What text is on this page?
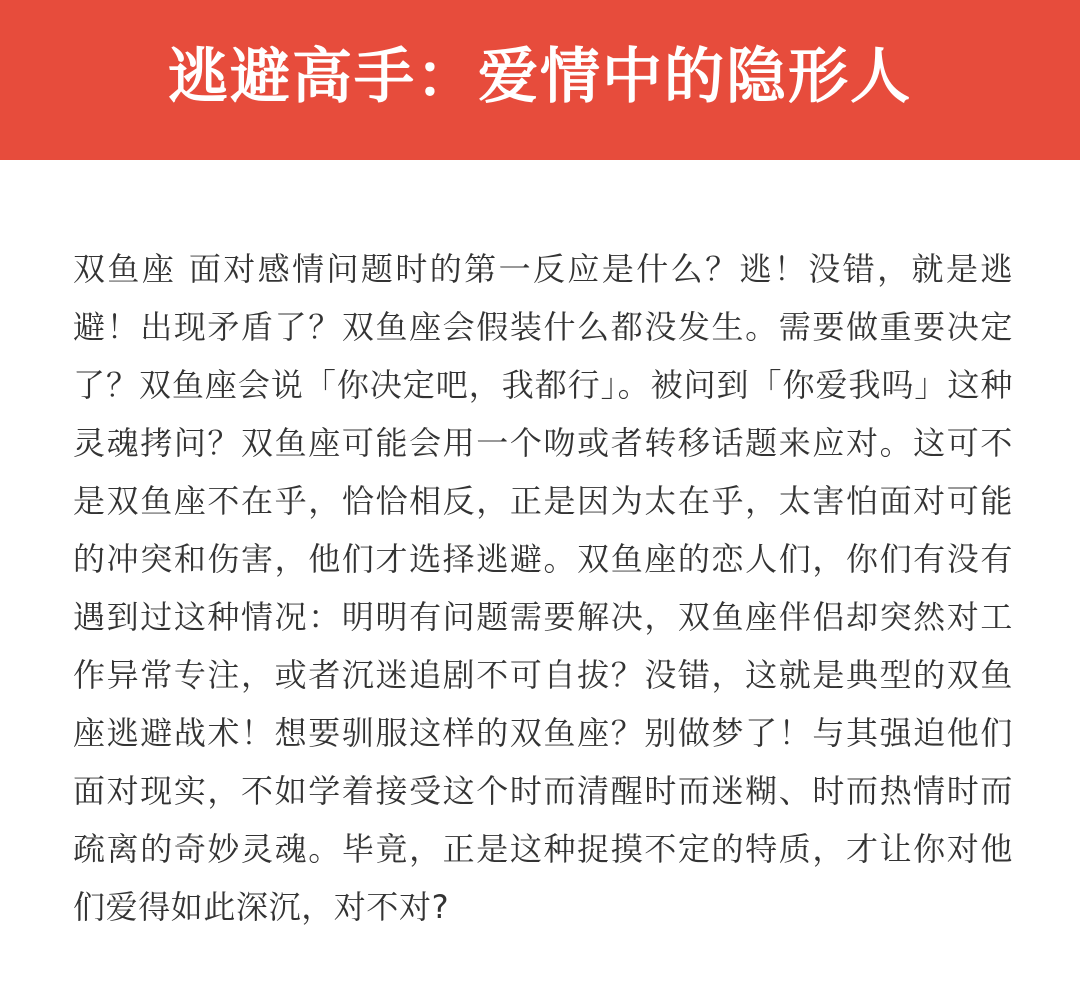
逃避高手：爱情中的隐形人

双鱼座 面对感情问题时的第一反应是什么？逃！没错，就是逃避！出现矛盾了？双鱼座会假装什么都没发生。需要做重要决定了？双鱼座会说「你决定吧，我都行」。被问到「你爱我吗」这种灵魂拷问？双鱼座可能会用一个吻或者转移话题来应对。这可不是双鱼座不在乎，恰恰相反，正是因为太在乎，太害怕面对可能的冲突和伤害，他们才选择逃避。双鱼座的恋人们，你们有没有遇到过这种情况：明明有问题需要解决，双鱼座伴侣却突然对工作异常专注，或者沉迷追剧不可自拔？没错，这就是典型的双鱼座逃避战术！想要驯服这样的双鱼座？别做梦了！与其强迫他们面对现实，不如学着接受这个时而清醒时而迷糊、时而热情时而疏离的奇妙灵魂。毕竟，正是这种捉摸不定的特质，才让你对他们爱得如此深沉，对不对?
